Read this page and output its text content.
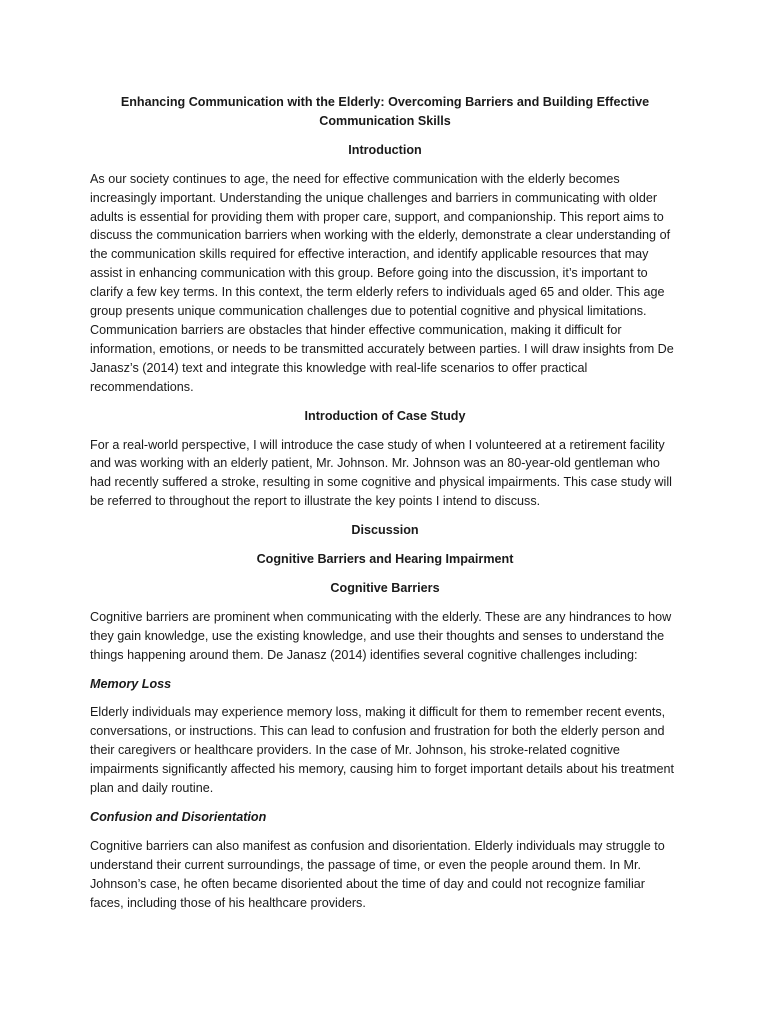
Enhancing Communication with the Elderly: Overcoming Barriers and Building Effective Communication Skills

Introduction

As our society continues to age, the need for effective communication with the elderly becomes increasingly important. Understanding the unique challenges and barriers in communicating with older adults is essential for providing them with proper care, support, and companionship. This report aims to discuss the communication barriers when working with the elderly, demonstrate a clear understanding of the communication skills required for effective interaction, and identify applicable resources that may assist in enhancing communication with this group. Before going into the discussion, it’s important to clarify a few key terms. In this context, the term elderly refers to individuals aged 65 and older. This age group presents unique communication challenges due to potential cognitive and physical limitations. Communication barriers are obstacles that hinder effective communication, making it difficult for information, emotions, or needs to be transmitted accurately between parties. I will draw insights from De Janasz’s (2014) text and integrate this knowledge with real-life scenarios to offer practical recommendations.

Introduction of Case Study

For a real-world perspective, I will introduce the case study of when I volunteered at a retirement facility and was working with an elderly patient, Mr. Johnson. Mr. Johnson was an 80-year-old gentleman who had recently suffered a stroke, resulting in some cognitive and physical impairments. This case study will be referred to throughout the report to illustrate the key points I intend to discuss.

Discussion

Cognitive Barriers and Hearing Impairment

Cognitive Barriers

Cognitive barriers are prominent when communicating with the elderly. These are any hindrances to how they gain knowledge, use the existing knowledge, and use their thoughts and senses to understand the things happening around them. De Janasz (2014) identifies several cognitive challenges including:

Memory Loss

Elderly individuals may experience memory loss, making it difficult for them to remember recent events, conversations, or instructions. This can lead to confusion and frustration for both the elderly person and their caregivers or healthcare providers. In the case of Mr. Johnson, his stroke-related cognitive impairments significantly affected his memory, causing him to forget important details about his treatment plan and daily routine.

Confusion and Disorientation

Cognitive barriers can also manifest as confusion and disorientation. Elderly individuals may struggle to understand their current surroundings, the passage of time, or even the people around them. In Mr. Johnson’s case, he often became disoriented about the time of day and could not recognize familiar faces, including those of his healthcare providers.
